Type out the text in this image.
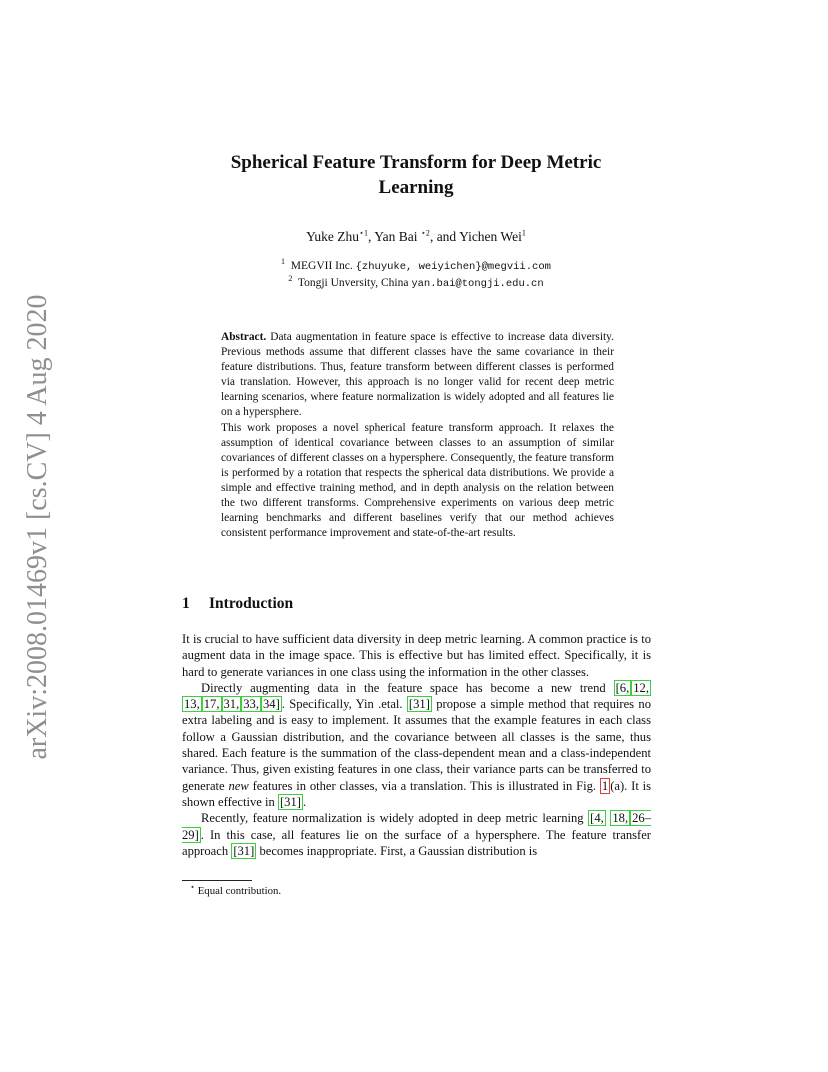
arXiv:2008.01469v1 [cs.CV] 4 Aug 2020
Spherical Feature Transform for Deep Metric
Learning
Yuke Zhu$^{⋆1}$, Yan Bai $^{⋆2}$, and Yichen Wei$^1$
$^1$ MEGVII Inc. {zhuyuke, weiyichen}@megvii.com
$^2$ Tongji Unversity, China yan.bai@tongji.edu.cn

Abstract. Data augmentation in feature space is effective to increase data diversity. Previous methods assume that different classes have the same covariance in their feature distributions. Thus, feature transform between different classes is performed via translation. However, this approach is no longer valid for recent deep metric learning scenarios, where feature normalization is widely adopted and all features lie on a hypersphere.

This work proposes a novel spherical feature transform approach. It relaxes the assumption of identical covariance between classes to an assumption of similar covariances of different classes on a hypersphere. Consequently, the feature transform is performed by a rotation that respects the spherical data distributions. We provide a simple and effective training method, and in depth analysis on the relation between the two different transforms. Comprehensive experiments on various deep metric learning benchmarks and different baselines verify that our method achieves consistent performance improvement and state-of-the-art results.

1 Introduction

It is crucial to have sufficient data diversity in deep metric learning. A common practice is to augment data in the image space. This is effective but has limited effect. Specifically, it is hard to generate variances in one class using the information in the other classes.

Directly augmenting data in the feature space has become a new trend [6, 12, 13, 17, 31, 33, 34] . Specifically, Yin .etal. [31] propose a simple method that requires no extra labeling and is easy to implement. It assumes that the example features in each class follow a Gaussian distribution, and the covariance between all classes is the same, thus shared. Each feature is the summation of the class-dependent mean and a class-independent variance. Thus, given existing features in one class, their variance parts can be transferred to generate new features in other classes, via a translation. This is illustrated in Fig. 1 (a). It is shown effective in [31] .

Recently, feature normalization is widely adopted in deep metric learning [4, 18, 26–29] . In this case, all features lie on the surface of a hypersphere. The feature transfer approach [31] becomes inappropriate. First, a Gaussian distribution is

⋆ Equal contribution.
